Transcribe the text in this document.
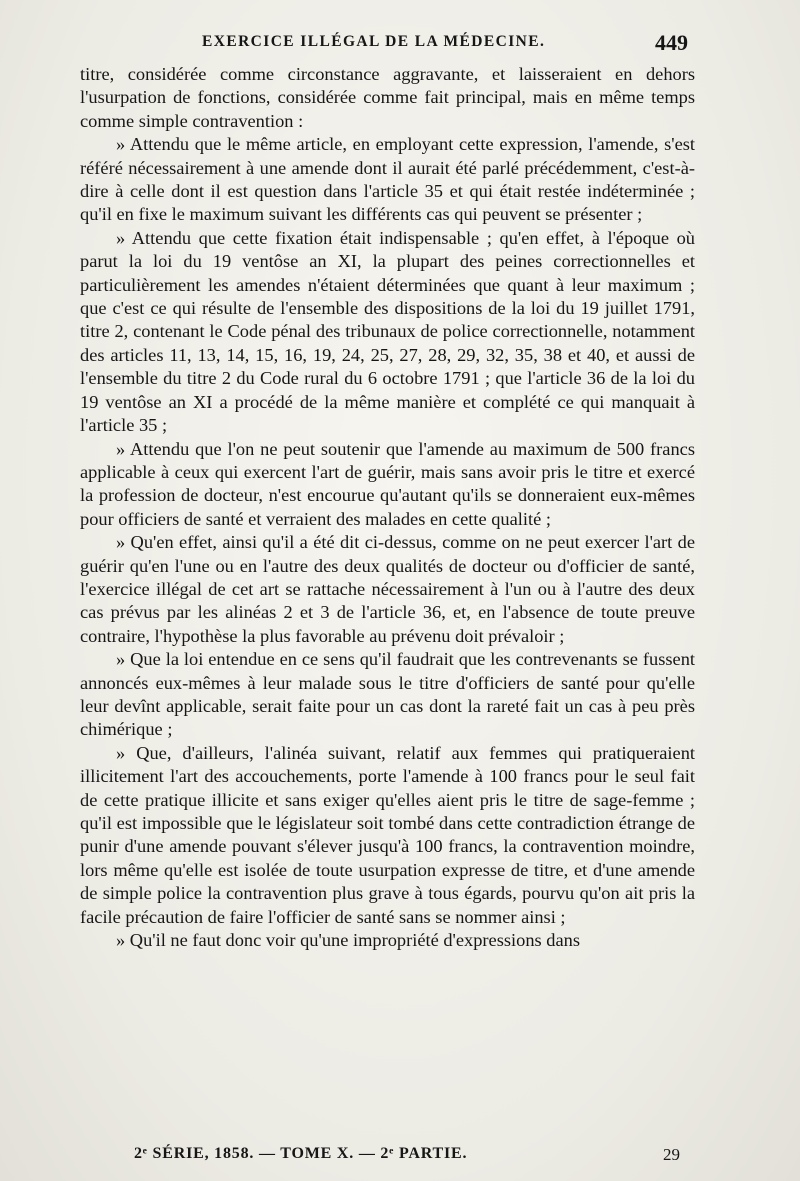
EXERCICE ILLÉGAL DE LA MÉDECINE.	449

titre, considérée comme circonstance aggravante, et laisseraient en dehors l'usurpation de fonctions, considérée comme fait principal, mais en même temps comme simple contravention :

» Attendu que le même article, en employant cette expression, l'amende, s'est référé nécessairement à une amende dont il aurait été parlé précédemment, c'est-à-dire à celle dont il est question dans l'article 35 et qui était restée indéterminée ; qu'il en fixe le maximum suivant les différents cas qui peuvent se présenter ;

» Attendu que cette fixation était indispensable ; qu'en effet, à l'époque où parut la loi du 19 ventôse an XI, la plupart des peines correctionnelles et particulièrement les amendes n'étaient déterminées que quant à leur maximum ; que c'est ce qui résulte de l'ensemble des dispositions de la loi du 19 juillet 1791, titre 2, contenant le Code pénal des tribunaux de police correctionnelle, notamment des articles 11, 13, 14, 15, 16, 19, 24, 25, 27, 28, 29, 32, 35, 38 et 40, et aussi de l'ensemble du titre 2 du Code rural du 6 octobre 1791 ; que l'article 36 de la loi du 19 ventôse an XI a procédé de la même manière et complété ce qui manquait à l'article 35 ;

» Attendu que l'on ne peut soutenir que l'amende au maximum de 500 francs applicable à ceux qui exercent l'art de guérir, mais sans avoir pris le titre et exercé la profession de docteur, n'est encourue qu'autant qu'ils se donneraient eux-mêmes pour officiers de santé et verraient des malades en cette qualité ;

» Qu'en effet, ainsi qu'il a été dit ci-dessus, comme on ne peut exercer l'art de guérir qu'en l'une ou en l'autre des deux qualités de docteur ou d'officier de santé, l'exercice illégal de cet art se rattache nécessairement à l'un ou à l'autre des deux cas prévus par les alinéas 2 et 3 de l'article 36, et, en l'absence de toute preuve contraire, l'hypothèse la plus favorable au prévenu doit prévaloir ;

» Que la loi entendue en ce sens qu'il faudrait que les contrevenants se fussent annoncés eux-mêmes à leur malade sous le titre d'officiers de santé pour qu'elle leur devînt applicable, serait faite pour un cas dont la rareté fait un cas à peu près chimérique ;

» Que, d'ailleurs, l'alinéa suivant, relatif aux femmes qui pratiqueraient illicitement l'art des accouchements, porte l'amende à 100 francs pour le seul fait de cette pratique illicite et sans exiger qu'elles aient pris le titre de sage-femme ; qu'il est impossible que le législateur soit tombé dans cette contradiction étrange de punir d'une amende pouvant s'élever jusqu'à 100 francs, la contravention moindre, lors même qu'elle est isolée de toute usurpation expresse de titre, et d'une amende de simple police la contravention plus grave à tous égards, pourvu qu'on ait pris la facile précaution de faire l'officier de santé sans se nommer ainsi ;

» Qu'il ne faut donc voir qu'une impropriété d'expressions dans

2ᵉ SÉRIE, 1858. — TOME X. — 2ᵉ PARTIE.	29
